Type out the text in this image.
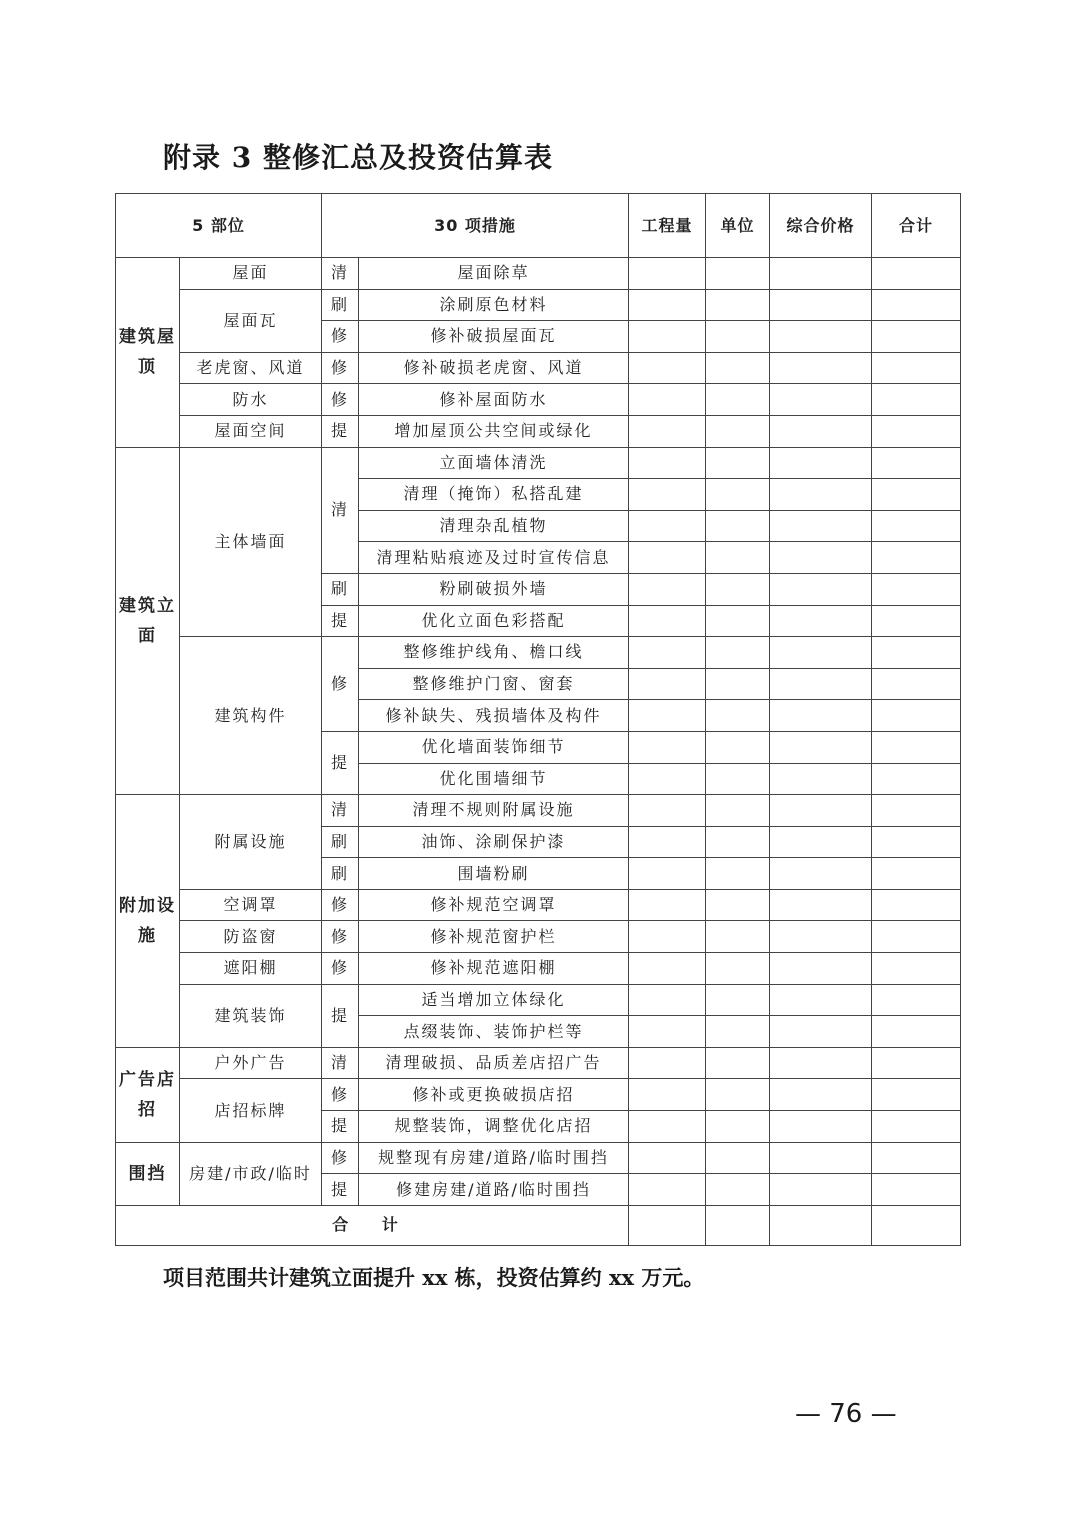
附录 3 整修汇总及投资估算表
5 部位		30 项措施		工程量	单位	综合价格	合计
建筑屋顶	屋面	清	屋面除草				
	屋面瓦	刷	涂刷原色材料				
		修	修补破损屋面瓦				
	老虎窗、风道	修	修补破损老虎窗、风道				
	防水	修	修补屋面防水				
	屋面空间	提	增加屋顶公共空间或绿化				
建筑立面	主体墙面	清	立面墙体清洗				
			清理（掩饰）私搭乱建				
			清理杂乱植物				
			清理粘贴痕迹及过时宣传信息				
		刷	粉刷破损外墙				
		提	优化立面色彩搭配				
	建筑构件	修	整修维护线角、檐口线				
			整修维护门窗、窗套				
			修补缺失、残损墙体及构件				
		提	优化墙面装饰细节				
			优化围墙细节				
附加设施	附属设施	清	清理不规则附属设施				
		刷	油饰、涂刷保护漆				
		刷	围墙粉刷				
	空调罩	修	修补规范空调罩				
	防盗窗	修	修补规范窗护栏				
	遮阳棚	修	修补规范遮阳棚				
	建筑装饰	提	适当增加立体绿化				
			点缀装饰、装饰护栏等				
广告店招	户外广告	清	清理破损、品质差店招广告				
	店招标牌	修	修补或更换破损店招				
		提	规整装饰，调整优化店招				
围挡	房建/市政/临时	修	规整现有房建/道路/临时围挡				
		提	修建房建/道路/临时围挡				
合 计							
项目范围共计建筑立面提升 xx 栋，投资估算约 xx 万元。
— 76 —
